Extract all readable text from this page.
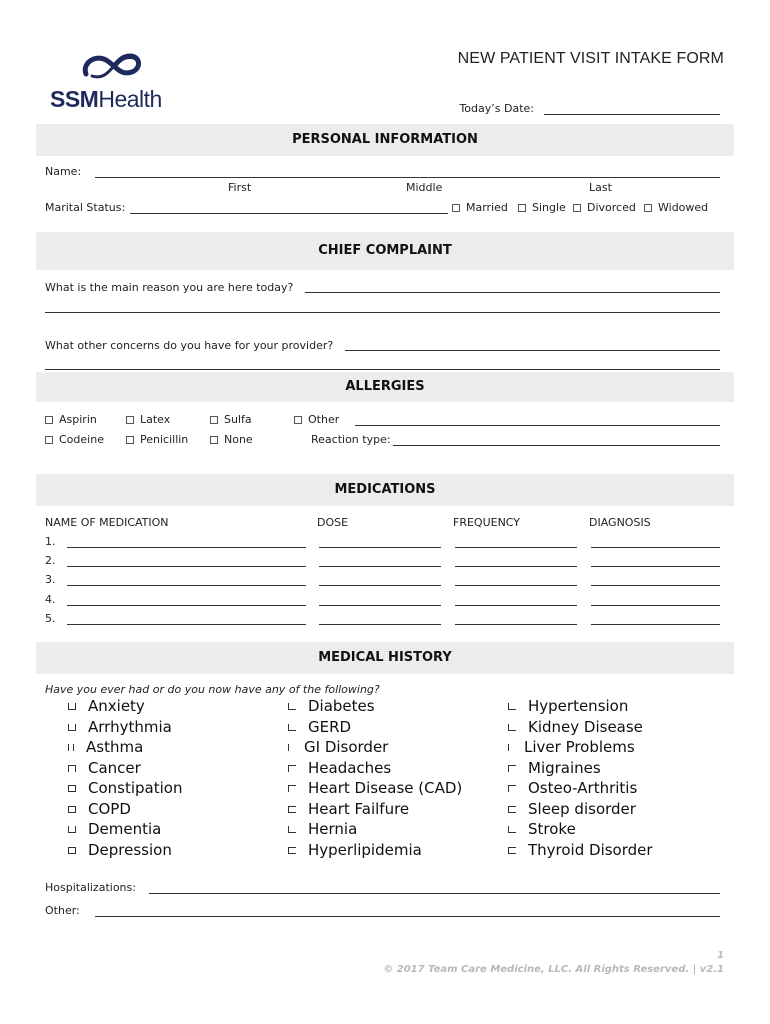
SSMHealth
NEW PATIENT VISIT INTAKE FORM
Today’s Date:
PERSONAL INFORMATION
Name:
First	Middle	Last
Marital Status:	Married Single Divorced Widowed
CHIEF COMPLAINT
What is the main reason you are here today?
What other concerns do you have for your provider?
ALLERGIES
Aspirin	Latex	Sulfa	Other
Codeine	Penicillin	None	Reaction type:
MEDICATIONS
NAME OF MEDICATION	DOSE	FREQUENCY	DIAGNOSIS
1.
2.
3.
4.
5.
MEDICAL HISTORY
Have you ever had or do you now have any of the following?
Anxiety
Arrhythmia
Asthma
Cancer
Constipation
COPD
Dementia
Depression
Diabetes
GERD
GI Disorder
Headaches
Heart Disease (CAD)
Heart Failfure
Hernia
Hyperlipidemia
Hypertension
Kidney Disease
Liver Problems
Migraines
Osteo-Arthritis
Sleep disorder
Stroke
Thyroid Disorder
Hospitalizations:
Other:
1
© 2017 Team Care Medicine, LLC. All Rights Reserved. | v2.1
